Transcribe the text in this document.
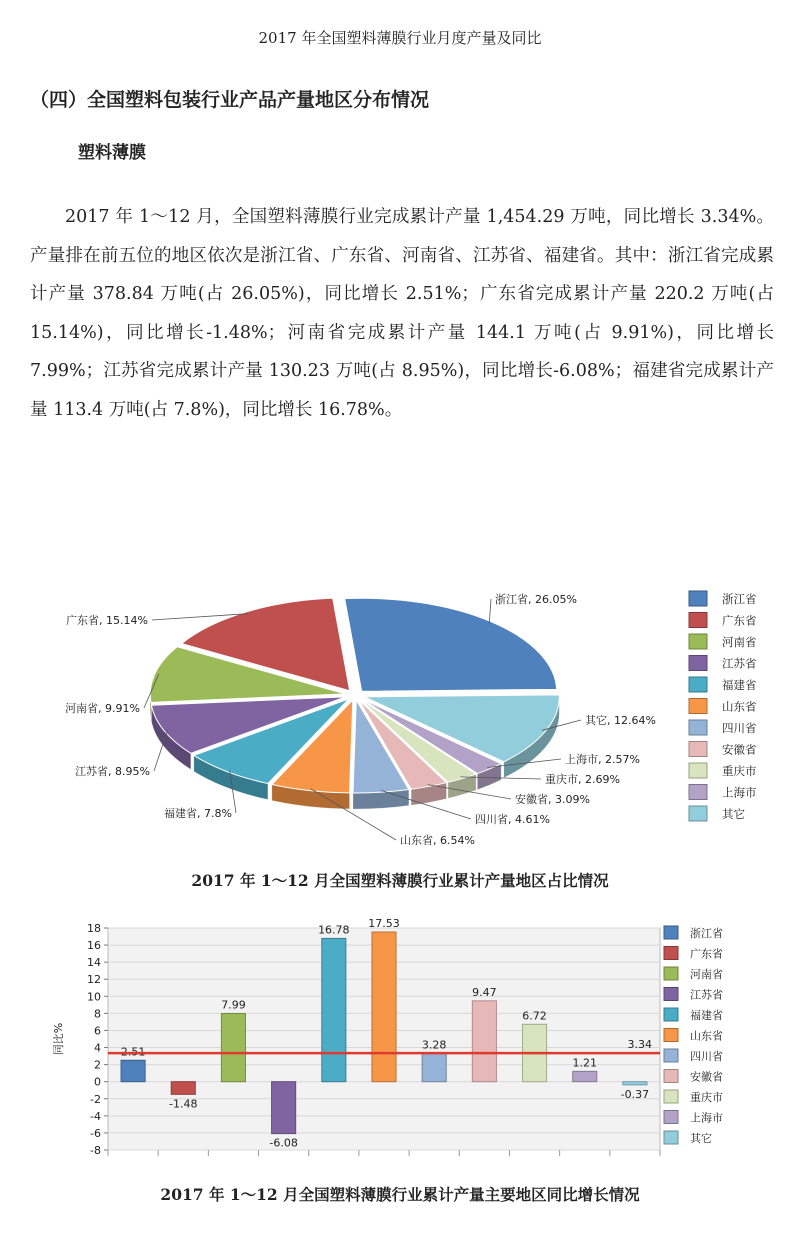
2017 年全国塑料薄膜行业月度产量及同比
（四）全国塑料包装行业产品产量地区分布情况
塑料薄膜
2017 年 1～12 月，全国塑料薄膜行业完成累计产量 1,454.29 万吨，同比增长 3.34%。产量排在前五位的地区依次是浙江省、广东省、河南省、江苏省、福建省。其中：浙江省完成累计产量 378.84 万吨(占 26.05%)，同比增长 2.51%；广东省完成累计产量 220.2 万吨(占 15.14%)，同比增长-1.48%；河南省完成累计产量 144.1 万吨(占 9.91%)，同比增长 7.99%；江苏省完成累计产量 130.23 万吨(占 8.95%)，同比增长-6.08%；福建省完成累计产量 113.4 万吨(占 7.8%)，同比增长 16.78%。
浙江省, 26.05%
其它, 12.64%
上海市, 2.57%
重庆市, 2.69%
安徽省, 3.09%
四川省, 4.61%
山东省, 6.54%
福建省, 7.8%
江苏省, 8.95%
河南省, 9.91%
广东省, 15.14%
浙江省
广东省
河南省
江苏省
福建省
山东省
四川省
安徽省
重庆市
上海市
其它
2017 年 1～12 月全国塑料薄膜行业累计产量地区占比情况
-8
-6
-4
-2
0
2
4
6
8
10
12
14
16
18
同比%	2.51
-1.48
7.99
-6.08
16.78 17.53
3.28
9.47
6.72
1.21
-0.37
3.34
浙江省
广东省
河南省
江苏省
福建省
山东省
四川省
安徽省
重庆市
上海市
其它
2017 年 1～12 月全国塑料薄膜行业累计产量主要地区同比增长情况
